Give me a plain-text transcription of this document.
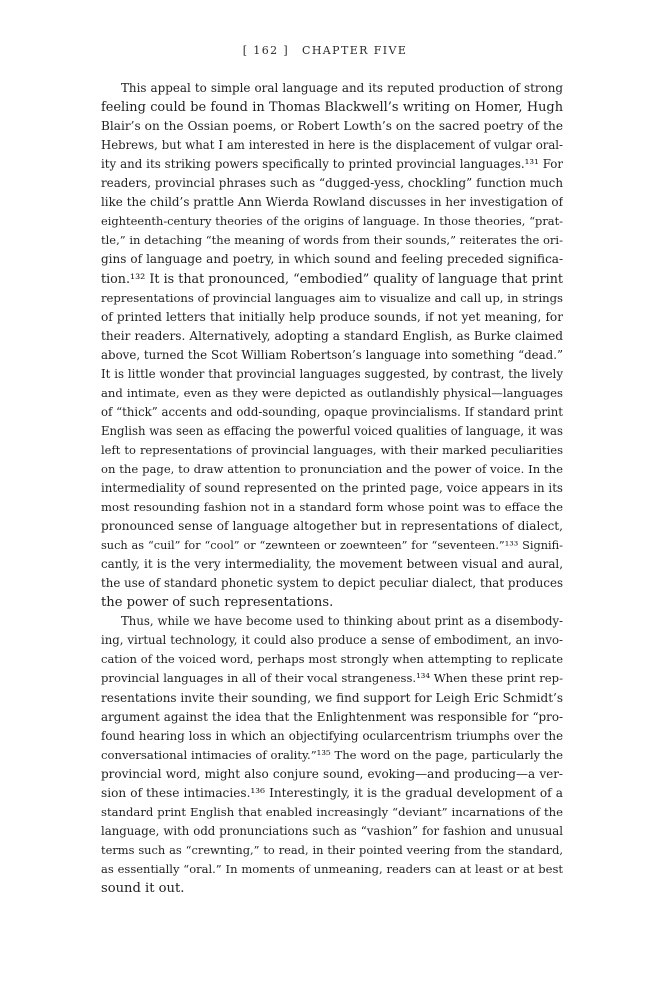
[ 162 ] CHAPTER FIVE
This appeal to simple oral language and its reputed production of strong
feeling could be found in Thomas Blackwell’s writing on Homer, Hugh
Blair’s on the Ossian poems, or Robert Lowth’s on the sacred poetry of the
Hebrews, but what I am interested in here is the displacement of vulgar oral-
ity and its striking powers specifically to printed provincial languages.¹³¹ For
readers, provincial phrases such as “dugged-yess, chockling” function much
like the child’s prattle Ann Wierda Rowland discusses in her investigation of
eighteenth-century theories of the origins of language. In those theories, “prat-
tle,” in detaching “the meaning of words from their sounds,” reiterates the ori-
gins of language and poetry, in which sound and feeling preceded significa-
tion.¹³² It is that pronounced, “embodied” quality of language that print
representations of provincial languages aim to visualize and call up, in strings
of printed letters that initially help produce sounds, if not yet meaning, for
their readers. Alternatively, adopting a standard English, as Burke claimed
above, turned the Scot William Robertson’s language into something “dead.”
It is little wonder that provincial languages suggested, by contrast, the lively
and intimate, even as they were depicted as outlandishly physical—languages
of “thick” accents and odd-sounding, opaque provincialisms. If standard print
English was seen as effacing the powerful voiced qualities of language, it was
left to representations of provincial languages, with their marked peculiarities
on the page, to draw attention to pronunciation and the power of voice. In the
intermediality of sound represented on the printed page, voice appears in its
most resounding fashion not in a standard form whose point was to efface the
pronounced sense of language altogether but in representations of dialect,
such as “cuil” for “cool” or “zewnteen or zoewnteen” for “seventeen.”¹³³ Signifi-
cantly, it is the very intermediality, the movement between visual and aural,
the use of standard phonetic system to depict peculiar dialect, that produces
the power of such representations.
Thus, while we have become used to thinking about print as a disembody-
ing, virtual technology, it could also produce a sense of embodiment, an invo-
cation of the voiced word, perhaps most strongly when attempting to replicate
provincial languages in all of their vocal strangeness.¹³⁴ When these print rep-
resentations invite their sounding, we find support for Leigh Eric Schmidt’s
argument against the idea that the Enlightenment was responsible for “pro-
found hearing loss in which an objectifying ocularcentrism triumphs over the
conversational intimacies of orality.”¹³⁵ The word on the page, particularly the
provincial word, might also conjure sound, evoking—and producing—a ver-
sion of these intimacies.¹³⁶ Interestingly, it is the gradual development of a
standard print English that enabled increasingly “deviant” incarnations of the
language, with odd pronunciations such as “vashion” for fashion and unusual
terms such as “crewnting,” to read, in their pointed veering from the standard,
as essentially “oral.” In moments of unmeaning, readers can at least or at best
sound it out.
